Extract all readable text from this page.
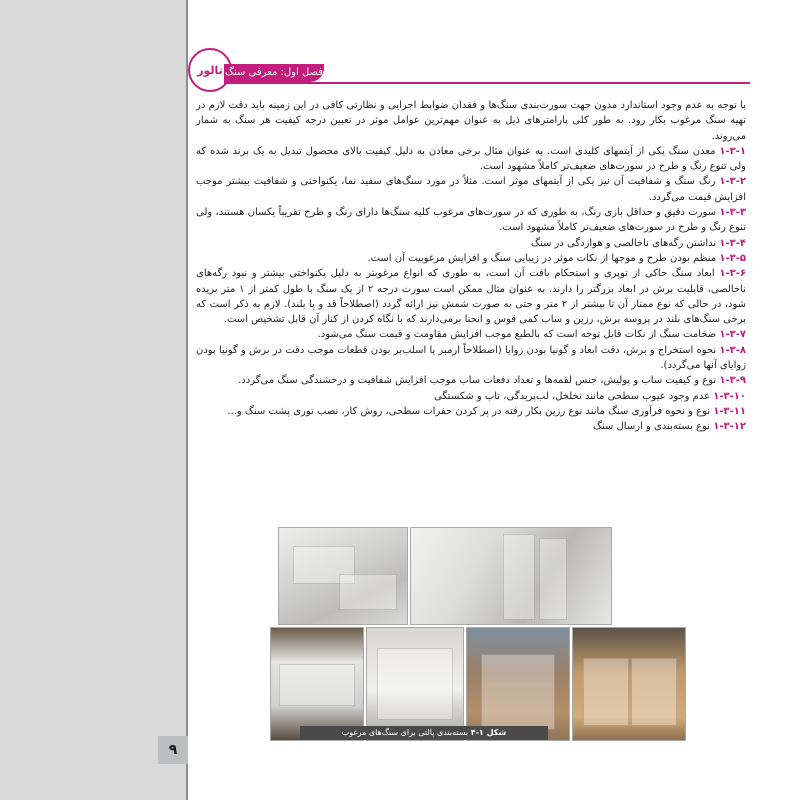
تالور فصل اول: معرفی سنگ

با توجه به عدم وجود استاندارد مدون جهت سورت‌بندی سنگ‌ها و فقدان ضوابط اجرایی و نظارتی کافی در این زمینه باید دقت لازم در تهیه سنگ مرغوب بکار رود. به طور کلی پارامترهای ذیل به عنوان مهم‌ترین عوامل موثر در تعیین درجه کیفیت هر سنگ به شمار می‌روند.

۱-۳-۱ معدن سنگ یکی از آیتمهای کلیدی است. به عنوان مثال برخی معادن به دلیل کیفیت بالای محصول تبدیل به یک برند شده که ولی تنوع رنگ و طرح در سورت‌های ضعیف‌تر کاملاً مشهود است.

۱-۳-۲ رنگ سنگ و شفافیت آن نیز یکی از آیتمهای موثر است. مثلاً در مورد سنگ‌های سفید نما، یکنواختی و شفافیت بیشتر موجب افزایش قیمت می‌گردد.

۱-۳-۳ سورت دقیق و حداقل بازی رنگ، به طوری که در سورت‌های مرغوب کلیه سنگ‌ها دارای رنگ و طرح تقریباً یکسان هستند، ولی تنوع رنگ و طرح در سورت‌های ضعیف‌تر کاملاً مشهود است.

۱-۳-۴ نداشتن رگه‌های ناخالصی و هوازدگی در سنگ

۱-۳-۵ منظم بودن طرح و موجها از نکات موثر در زیبایی سنگ و افزایش مرغوبیت آن است.

۱-۳-۶ ابعاد سنگ حاکی از توپری و استحکام بافت آن است، به طوری که انواع مرغوبتر به دلیل یکنواختی بیشتر و نبود رگه‌های ناخالصی، قابلیت برش در ابعاد بزرگتر را دارند. به عنوان مثال ممکن است سورت درجه ۲ از یک سنگ با طول کمتر از ۱ متر بریده شود، در حالی که نوع ممتاز آن تا بیشتر از ۲ متر و حتی به صورت شمش نیز ارائه گردد (اصطلاحاً قد و پا بلند). لازم به ذکر است که برخی سنگ‌های بلند در پروسه برش، رزین و ساب کمی قوس و انحنا برمی‌دارند که با نگاه کردن از کنار آن قابل تشخیص است.

۱-۳-۷ ضخامت سنگ از نکات قابل توجه است که بالطبع موجب افزایش مقاومت و قیمت سنگ می‌شود.

۱-۳-۸ نحوه استخراج و برش، دقت ابعاد و گونیا بودن زوایا (اصطلاحاً ارمبر یا اسلب‌بر بودن قطعات موجب دقت در برش و گونیا بودن زوایای آنها می‌گردد).

۱-۳-۹ نوع و کیفیت ساب و پولیش، جنس لقمه‌ها و تعداد دفعات ساب موجب افزایش شفافیت و درخشندگی سنگ می‌گردد.

۱-۳-۱۰ عدم وجود عیوب سطحی مانند تخلخل، لب‌پریدگی، تاب و شکستگی

۱-۳-۱۱ نوع و نحوه فرآوری سنگ مانند نوع رزین بکار رفته در پر کردن حفرات سطحی، روش کار، نصب توری پشت سنگ و...

۱-۳-۱۲ نوع بسته‌بندی و ارسال سنگ

شکل ۱-۴ بسته‌بندی پالتی برای سنگ‌های مرغوب
۹
